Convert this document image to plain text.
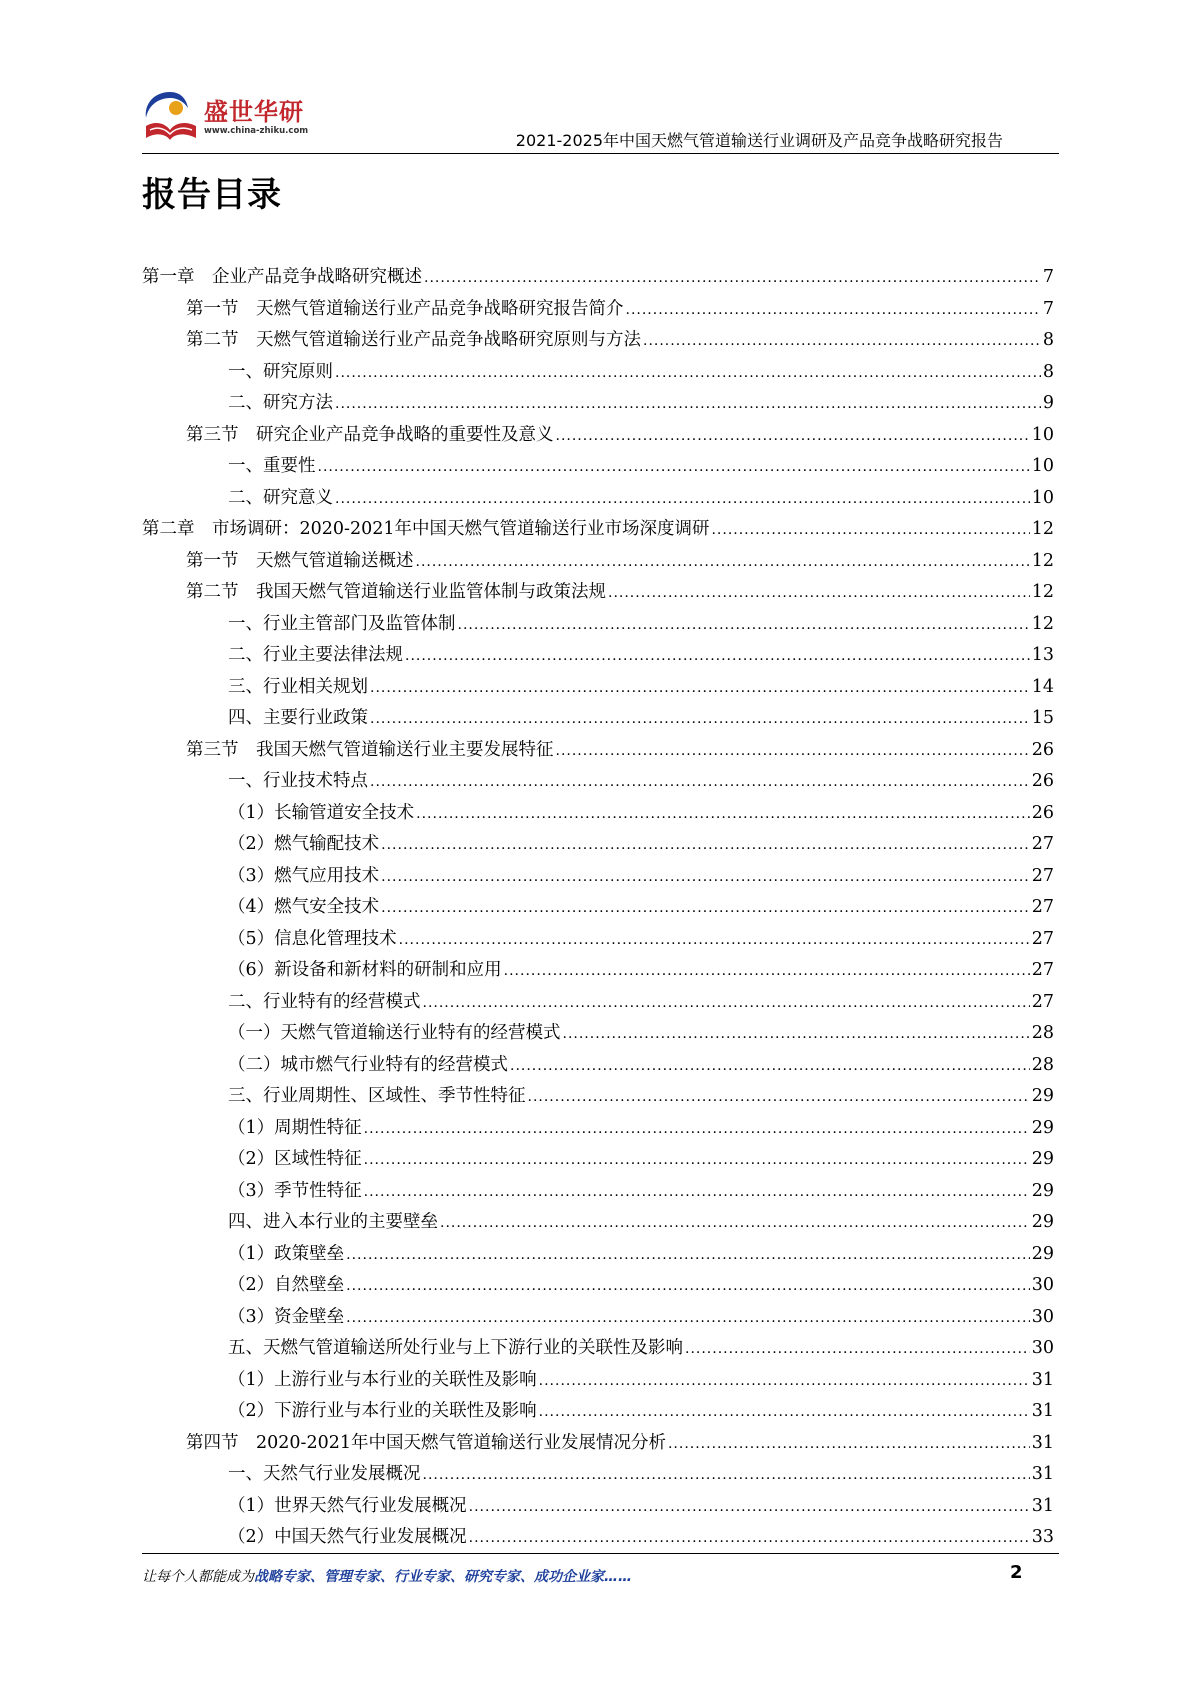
盛世华研
www.china-zhiku.com	2021-2025年中国天燃气管道输送行业调研及产品竞争战略研究报告
报告目录
第一章　企业产品竞争战略研究概述 .....	7
第一节　天燃气管道输送行业产品竞争战略研究报告简介 .....	7
第二节　天燃气管道输送行业产品竞争战略研究原则与方法 .....	8
一、研究原则 .....	8
二、研究方法 .....	9
第三节　研究企业产品竞争战略的重要性及意义 .....	10
一、重要性 .....	10
二、研究意义 .....	10
第二章　市场调研：2020-2021年中国天燃气管道输送行业市场深度调研 .....	12
第一节　天燃气管道输送概述 .....	12
第二节　我国天燃气管道输送行业监管体制与政策法规 .....	12
一、行业主管部门及监管体制 .....	12
二、行业主要法律法规 .....	13
三、行业相关规划 .....	14
四、主要行业政策 .....	15
第三节　我国天燃气管道输送行业主要发展特征 .....	26
一、行业技术特点 .....	26
（1）长输管道安全技术 .....	26
（2）燃气输配技术 .....	27
（3）燃气应用技术 .....	27
（4）燃气安全技术 .....	27
（5）信息化管理技术 .....	27
（6）新设备和新材料的研制和应用 .....	27
二、行业特有的经营模式 .....	27
（一）天燃气管道输送行业特有的经营模式 .....	28
（二）城市燃气行业特有的经营模式 .....	28
三、行业周期性、区域性、季节性特征 .....	29
（1）周期性特征 .....	29
（2）区域性特征 .....	29
（3）季节性特征 .....	29
四、进入本行业的主要壁垒 .....	29
（1）政策壁垒 .....	29
（2）自然壁垒 .....	30
（3）资金壁垒 .....	30
五、天燃气管道输送所处行业与上下游行业的关联性及影响 .....	30
（1）上游行业与本行业的关联性及影响 .....	31
（2）下游行业与本行业的关联性及影响 .....	31
第四节　2020-2021年中国天燃气管道输送行业发展情况分析 .....	31
一、天然气行业发展概况 .....	31
（1）世界天然气行业发展概况 .....	31
（2）中国天然气行业发展概况 .....	33
让每个人都能成为战略专家、管理专家、行业专家、研究专家、成功企业家……	2
